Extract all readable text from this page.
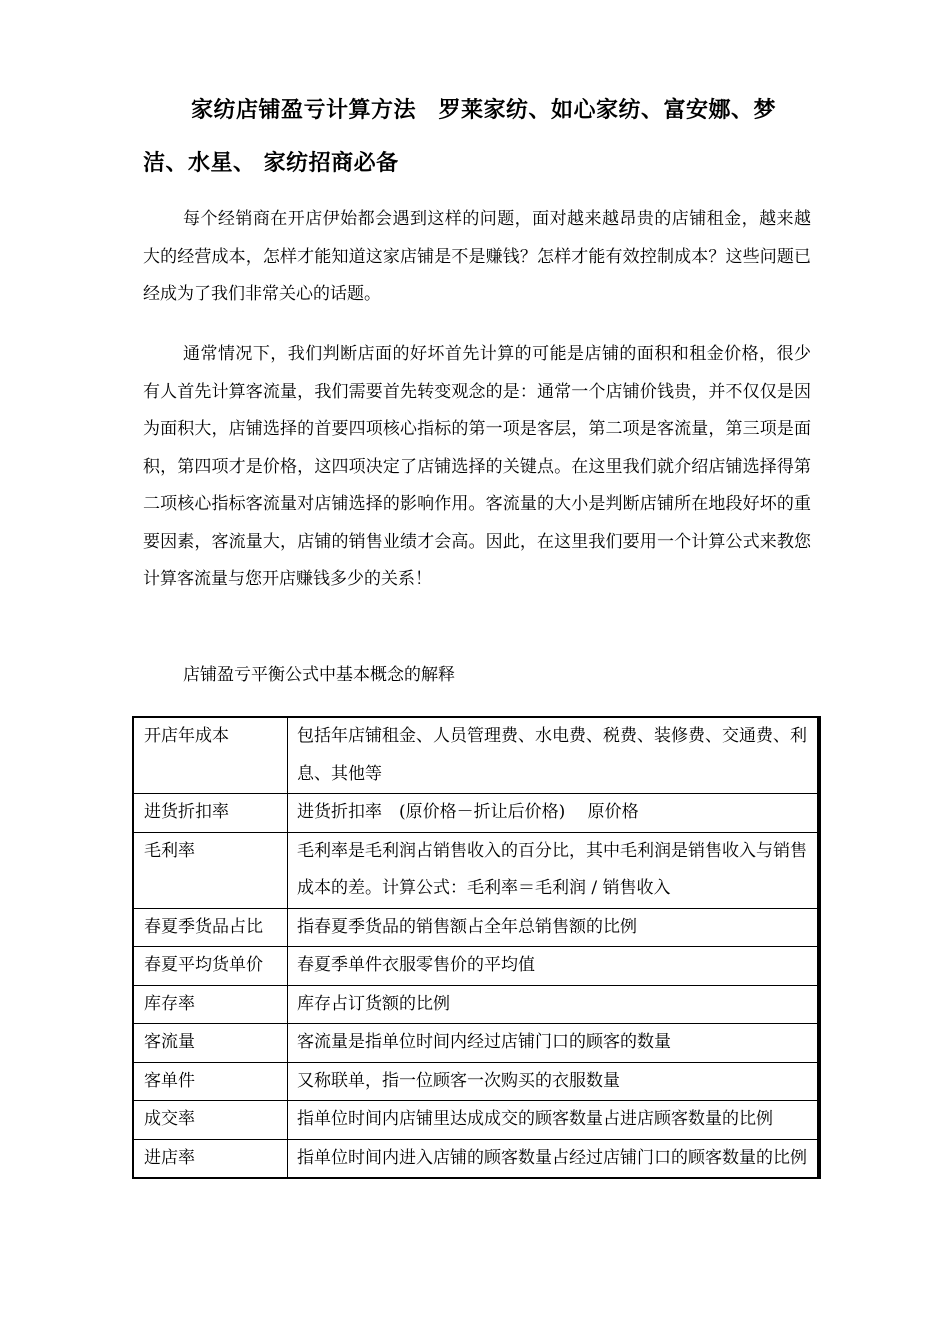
家纺店铺盈亏计算方法　罗莱家纺、如心家纺、富安娜、梦洁、水星、 家纺招商必备

每个经销商在开店伊始都会遇到这样的问题，面对越来越昂贵的店铺租金，越来越大的经营成本，怎样才能知道这家店铺是不是赚钱？怎样才能有效控制成本？这些问题已经成为了我们非常关心的话题。

通常情况下，我们判断店面的好坏首先计算的可能是店铺的面积和租金价格，很少有人首先计算客流量，我们需要首先转变观念的是：通常一个店铺价钱贵，并不仅仅是因为面积大，店铺选择的首要四项核心指标的第一项是客层，第二项是客流量，第三项是面积，第四项才是价格，这四项决定了店铺选择的关键点。在这里我们就介绍店铺选择得第二项核心指标客流量对店铺选择的影响作用。客流量的大小是判断店铺所在地段好坏的重要因素，客流量大，店铺的销售业绩才会高。因此，在这里我们要用一个计算公式来教您计算客流量与您开店赚钱多少的关系！

店铺盈亏平衡公式中基本概念的解释

开店年成本	包括年店铺租金、人员管理费、水电费、税费、装修费、交通费、利息、其他等
进货折扣率	进货折扣率　(原价格－折让后价格)　 原价格
毛利率	毛利率是毛利润占销售收入的百分比，其中毛利润是销售收入与销售成本的差。计算公式：毛利率＝毛利润 / 销售收入
春夏季货品占比	指春夏季货品的销售额占全年总销售额的比例
春夏平均货单价	春夏季单件衣服零售价的平均值
库存率	库存占订货额的比例
客流量	客流量是指单位时间内经过店铺门口的顾客的数量
客单件	又称联单，指一位顾客一次购买的衣服数量
成交率	指单位时间内店铺里达成成交的顾客数量占进店顾客数量的比例
进店率	指单位时间内进入店铺的顾客数量占经过店铺门口的顾客数量的比例
